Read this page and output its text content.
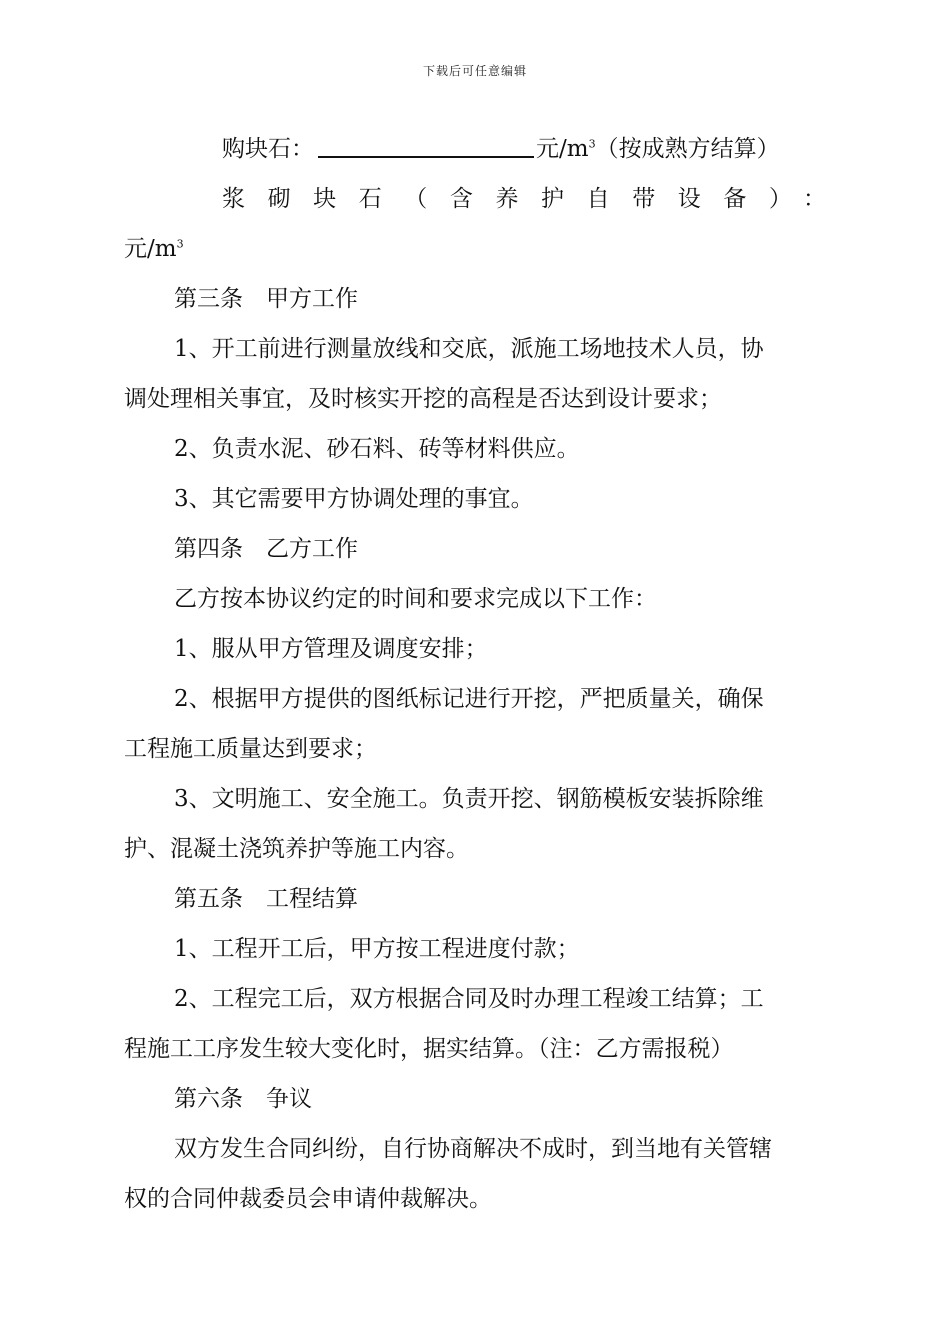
下载后可任意编辑

购块石：	元$/m^3$（按成熟方结算）

浆砌块石（含养护自带设备）：

元$/m^3$

第三条　甲方工作

1、开工前进行测量放线和交底，派施工场地技术人员，协

调处理相关事宜，及时核实开挖的高程是否达到设计要求；

2、负责水泥、砂石料、砖等材料供应。

3、其它需要甲方协调处理的事宜。

第四条　乙方工作

乙方按本协议约定的时间和要求完成以下工作：

1、服从甲方管理及调度安排；

2、根据甲方提供的图纸标记进行开挖，严把质量关，确保

工程施工质量达到要求；

3、文明施工、安全施工。负责开挖、钢筋模板安装拆除维

护、混凝土浇筑养护等施工内容。

第五条　工程结算

1、工程开工后，甲方按工程进度付款；

2、工程完工后，双方根据合同及时办理工程竣工结算；工

程施工工序发生较大变化时，据实结算。（注：乙方需报税）

第六条　争议

双方发生合同纠纷，自行协商解决不成时，到当地有关管辖

权的合同仲裁委员会申请仲裁解决。
